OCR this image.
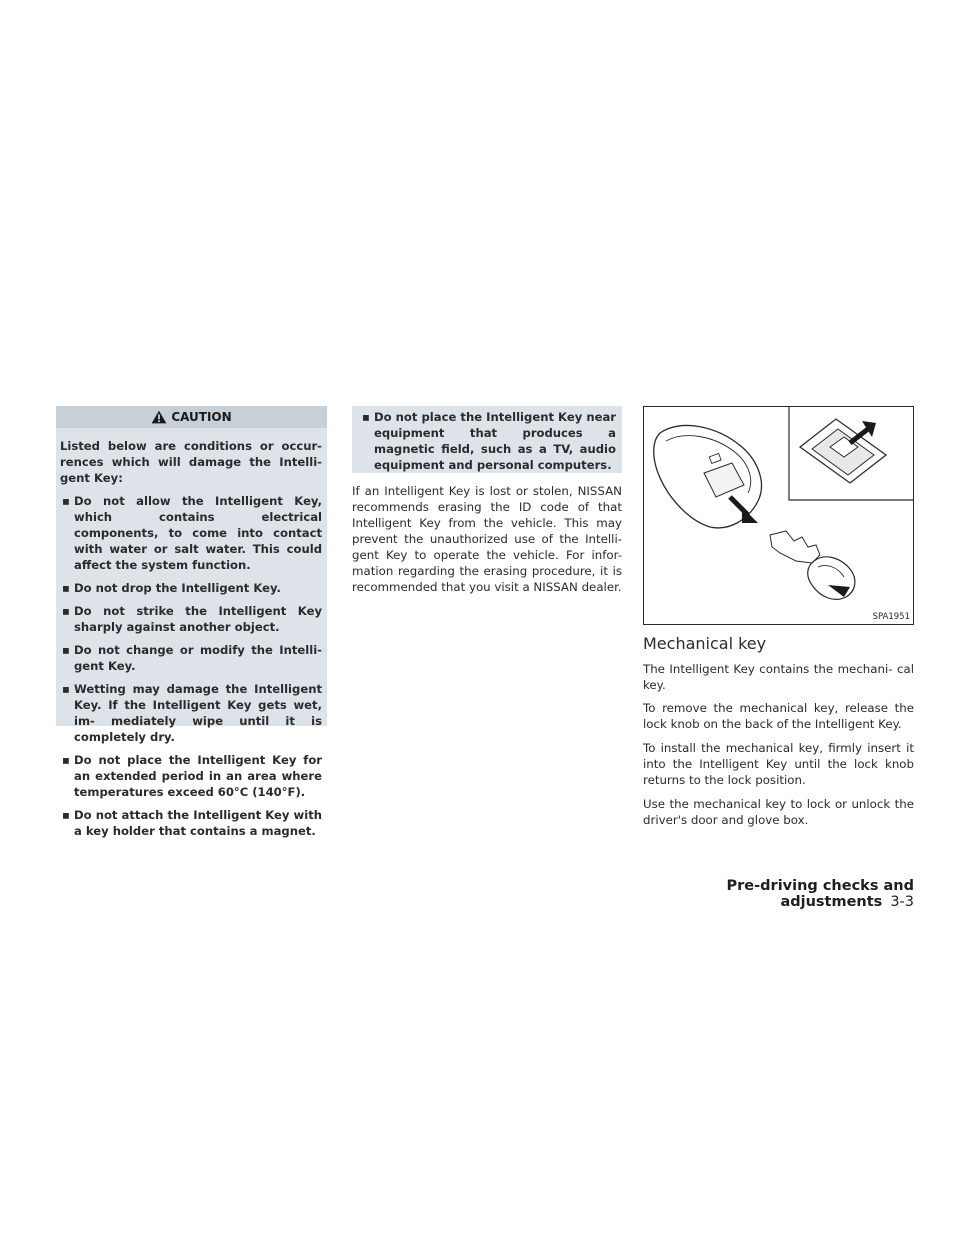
CAUTION

Listed below are conditions or occur- rences which will damage the Intelli- gent Key:

▪ Do not allow the Intelligent Key, which contains electrical components, to come into contact with water or salt water. This could affect the system function.
▪ Do not drop the Intelligent Key.
▪ Do not strike the Intelligent Key sharply against another object.
▪ Do not change or modify the Intelli- gent Key.
▪ Wetting may damage the Intelligent Key. If the Intelligent Key gets wet, im- mediately wipe until it is completely dry.
▪ Do not place the Intelligent Key for an extended period in an area where temperatures exceed 60°C (140°F).
▪ Do not attach the Intelligent Key with a key holder that contains a magnet.
▪ Do not place the Intelligent Key near equipment that produces a magnetic field, such as a TV, audio equipment and personal computers.

If an Intelligent Key is lost or stolen, NISSAN recommends erasing the ID code of that Intelligent Key from the vehicle. This may prevent the unauthorized use of the Intelli- gent Key to operate the vehicle. For infor- mation regarding the erasing procedure, it is recommended that you visit a NISSAN dealer.

SPA1951
Mechanical key

The Intelligent Key contains the mechani- cal key.

To remove the mechanical key, release the lock knob on the back of the Intelligent Key.

To install the mechanical key, firmly insert it into the Intelligent Key until the lock knob returns to the lock position.

Use the mechanical key to lock or unlock the driver's door and glove box.

Pre-driving checks and adjustments 3-3
